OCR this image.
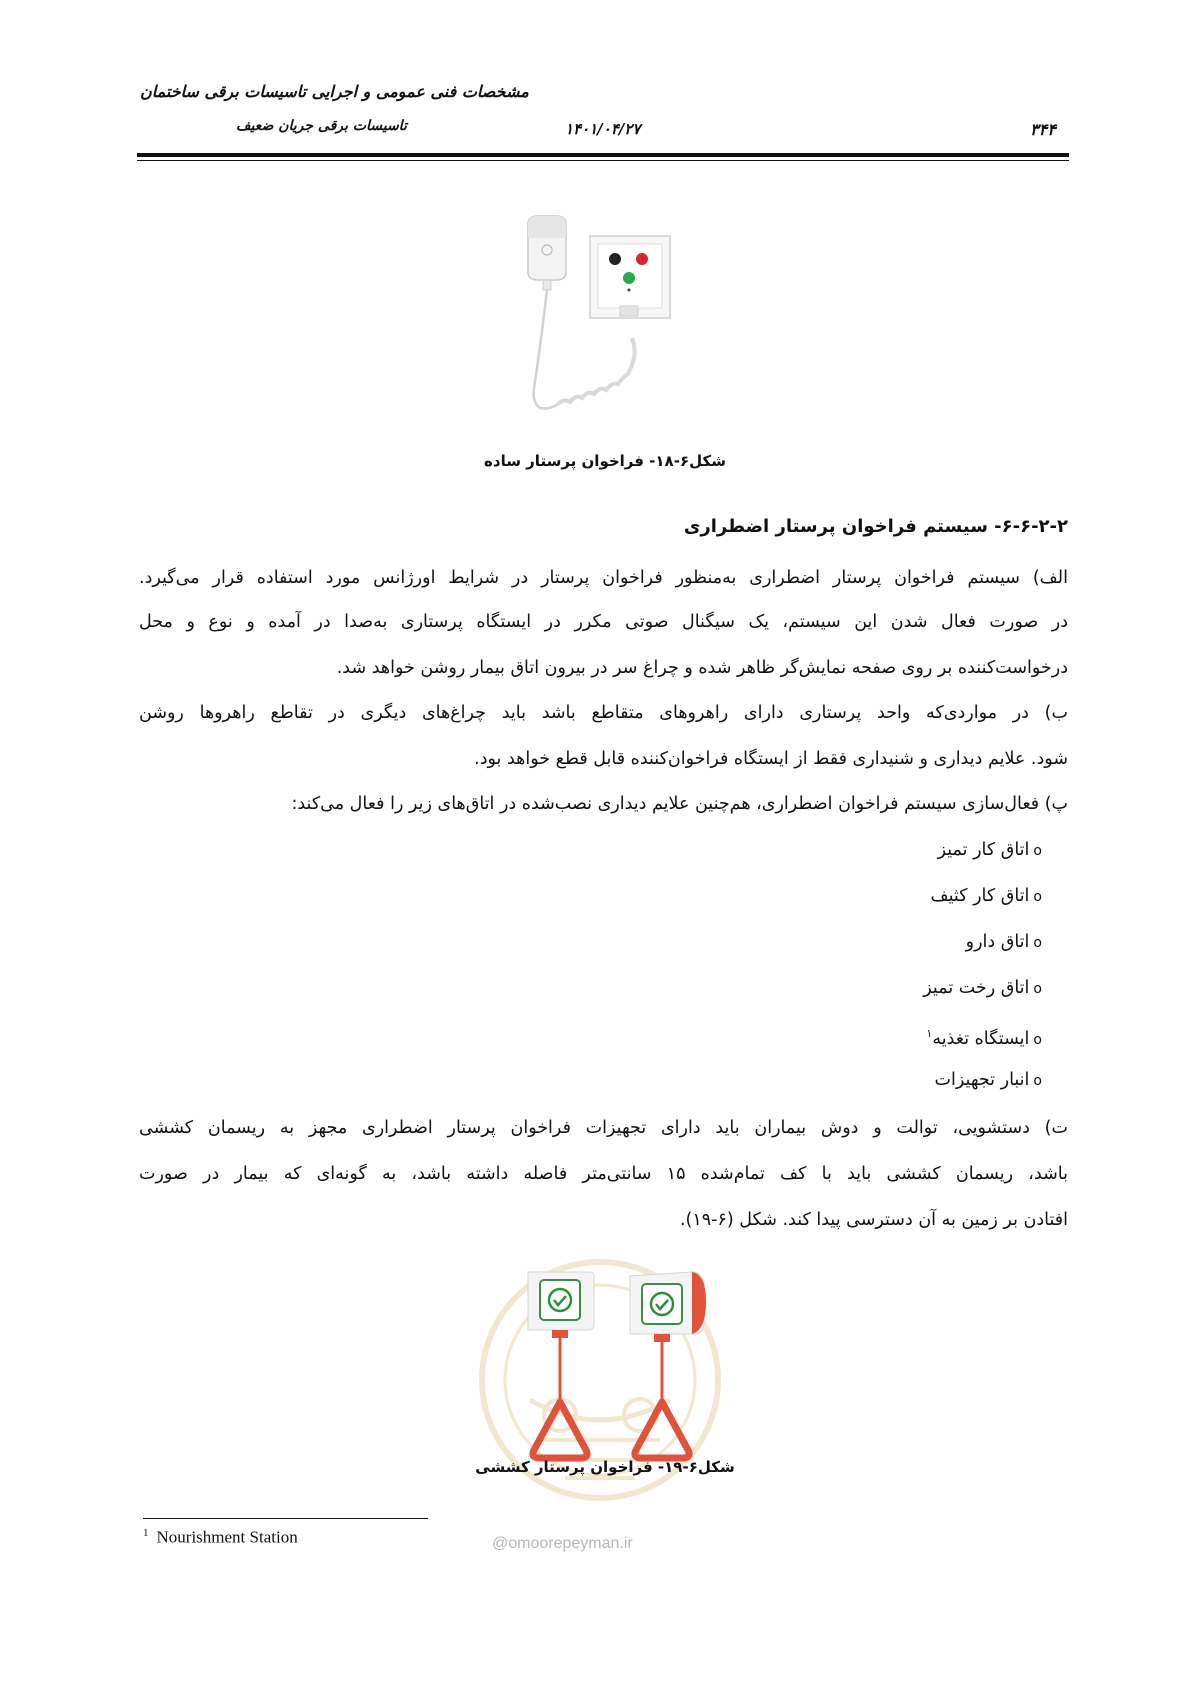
مشخصات فنی عمومی و اجرایی تاسیسات برقی ساختمان
تاسیسات برقی جریان ضعیف	۱۴۰۱/۰۴/۲۷	۳۴۴
شکل۶-۱۸- فراخوان پرستار ساده
۶-۶-۲-۲- سیستم فراخوان پرستار اضطراری
الف) سیستم فراخوان پرستار اضطراری به‌منظور فراخوان پرستار در شرایط اورژانس مورد استفاده قرار می‌گیرد.
در صورت فعال شدن این سیستم، یک سیگنال صوتی مکرر در ایستگاه پرستاری به‌صدا در آمده و نوع و محل
درخواست‌کننده بر روی صفحه نمایش‌گر ظاهر شده و چراغ سر در بیرون اتاق بیمار روشن خواهد شد.
ب) در مواردی‌که واحد پرستاری دارای راهروهای متقاطع باشد باید چراغ‌های دیگری در تقاطع راهروها روشن
شود. علایم دیداری و شنیداری فقط از ایستگاه فراخوان‌کننده قابل قطع خواهد بود.
پ) فعال‌سازی سیستم فراخوان اضطراری، هم‌چنین علایم دیداری نصب‌شده در اتاق‌های زیر را فعال می‌کند:
oاتاق کار تمیز
oاتاق کار کثیف
oاتاق دارو
oاتاق رخت تمیز
oایستگاه تغذیه$^۱$
oانبار تجهیزات
ت) دستشویی، توالت و دوش بیماران باید دارای تجهیزات فراخوان پرستار اضطراری مجهز به ریسمان کششی
باشد، ریسمان کششی باید با کف تمام‌شده ۱۵ سانتی‌متر فاصله داشته باشد، به گونه‌ای که بیمار در صورت
افتادن بر زمین به آن دسترسی پیدا کند. شکل (۶-۱۹).
شکل۶-۱۹- فراخوان پرستار کششی
@omoorepeyman.ir
$^1$ Nourishment Station
